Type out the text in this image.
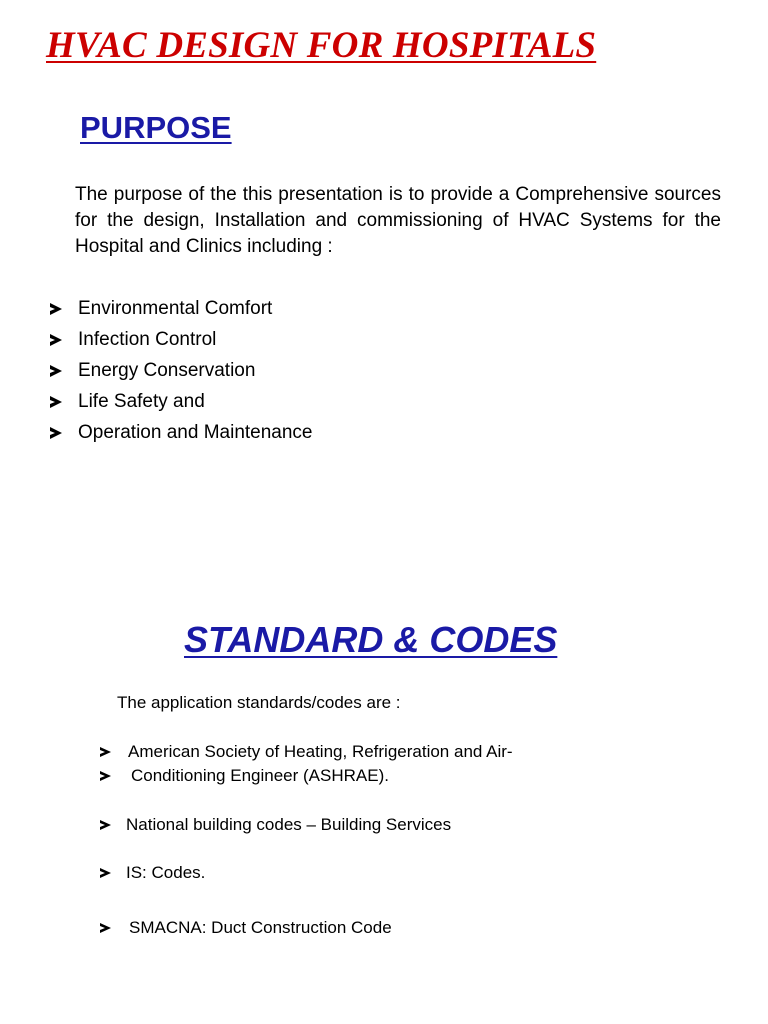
HVAC DESIGN FOR HOSPITALS
PURPOSE
The purpose of the this presentation is to provide a Comprehensive sources for the design, Installation and commissioning of HVAC Systems for the Hospital and Clinics including :
Environmental Comfort
Infection Control
Energy Conservation
Life Safety and
Operation and Maintenance
STANDARD & CODES
The application standards/codes are :
American Society of Heating, Refrigeration and Air-
Conditioning Engineer (ASHRAE).
National building codes – Building Services
IS: Codes.
SMACNA: Duct Construction Code
